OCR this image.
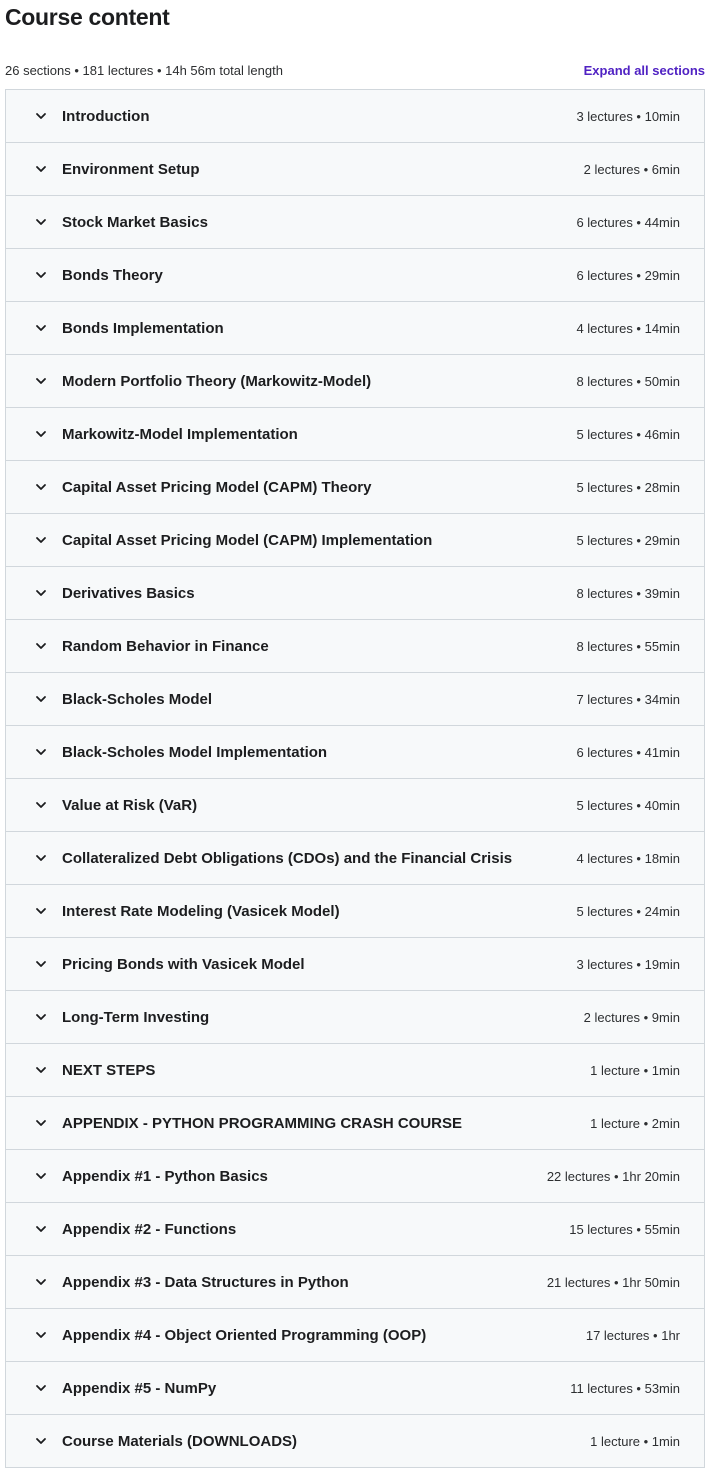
Course content
26 sections • 181 lectures • 14h 56m total length	Expand all sections
Introduction	3 lectures • 10min
Environment Setup	2 lectures • 6min
Stock Market Basics	6 lectures • 44min
Bonds Theory	6 lectures • 29min
Bonds Implementation	4 lectures • 14min
Modern Portfolio Theory (Markowitz-Model)	8 lectures • 50min
Markowitz-Model Implementation	5 lectures • 46min
Capital Asset Pricing Model (CAPM) Theory	5 lectures • 28min
Capital Asset Pricing Model (CAPM) Implementation	5 lectures • 29min
Derivatives Basics	8 lectures • 39min
Random Behavior in Finance	8 lectures • 55min
Black-Scholes Model	7 lectures • 34min
Black-Scholes Model Implementation	6 lectures • 41min
Value at Risk (VaR)	5 lectures • 40min
Collateralized Debt Obligations (CDOs) and the Financial Crisis	4 lectures • 18min
Interest Rate Modeling (Vasicek Model)	5 lectures • 24min
Pricing Bonds with Vasicek Model	3 lectures • 19min
Long-Term Investing	2 lectures • 9min
NEXT STEPS	1 lecture • 1min
APPENDIX - PYTHON PROGRAMMING CRASH COURSE	1 lecture • 2min
Appendix #1 - Python Basics	22 lectures • 1hr 20min
Appendix #2 - Functions	15 lectures • 55min
Appendix #3 - Data Structures in Python	21 lectures • 1hr 50min
Appendix #4 - Object Oriented Programming (OOP)	17 lectures • 1hr
Appendix #5 - NumPy	11 lectures • 53min
Course Materials (DOWNLOADS)	1 lecture • 1min
